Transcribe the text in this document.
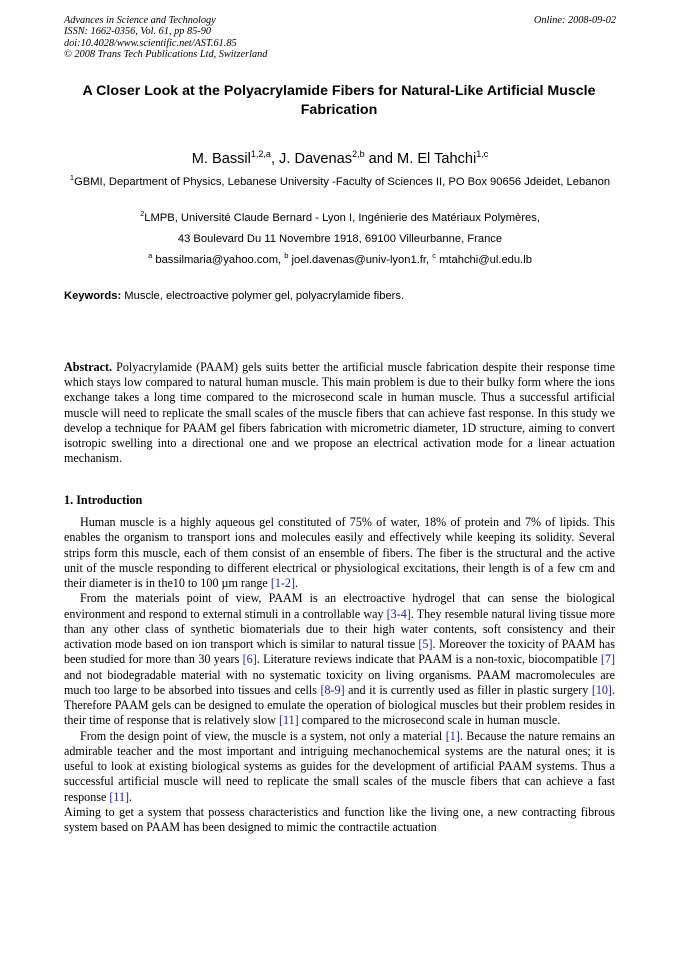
Advances in Science and Technology
ISSN: 1662-0356, Vol. 61, pp 85-90
doi:10.4028/www.scientific.net/AST.61.85
© 2008 Trans Tech Publications Ltd, Switzerland
Online: 2008-09-02
A Closer Look at the Polyacrylamide Fibers for Natural-Like Artificial Muscle Fabrication
M. Bassil$^{1,2,a}$, J. Davenas$^{2,b}$ and M. El Tahchi$^{1,c}$
$^1$GBMI, Department of Physics, Lebanese University -Faculty of Sciences II, PO Box 90656 Jdeidet, Lebanon
$^2$LMPB, Université Claude Bernard - Lyon I, Ingénierie des Matériaux Polymères,
43 Boulevard Du 11 Novembre 1918, 69100 Villeurbanne, France
$^a$ bassilmaria@yahoo.com, $^b$ joel.davenas@univ-lyon1.fr, $^c$ mtahchi@ul.edu.lb
Keywords: Muscle, electroactive polymer gel, polyacrylamide fibers.
Abstract. Polyacrylamide (PAAM) gels suits better the artificial muscle fabrication despite their response time which stays low compared to natural human muscle. This main problem is due to their bulky form where the ions exchange takes a long time compared to the microsecond scale in human muscle. Thus a successful artificial muscle will need to replicate the small scales of the muscle fibers that can achieve fast response. In this study we develop a technique for PAAM gel fibers fabrication with micrometric diameter, 1D structure, aiming to convert isotropic swelling into a directional one and we propose an electrical activation mode for a linear actuation mechanism.
1. Introduction

Human muscle is a highly aqueous gel constituted of 75% of water, 18% of protein and 7% of lipids. This enables the organism to transport ions and molecules easily and effectively while keeping its solidity. Several strips form this muscle, each of them consist of an ensemble of fibers. The fiber is the structural and the active unit of the muscle responding to different electrical or physiological excitations, their length is of a few cm and their diameter is in the10 to 100 µm range [1-2].

From the materials point of view, PAAM is an electroactive hydrogel that can sense the biological environment and respond to external stimuli in a controllable way [3-4]. They resemble natural living tissue more than any other class of synthetic biomaterials due to their high water contents, soft consistency and their activation mode based on ion transport which is similar to natural tissue [5]. Moreover the toxicity of PAAM has been studied for more than 30 years [6]. Literature reviews indicate that PAAM is a non-toxic, biocompatible [7] and not biodegradable material with no systematic toxicity on living organisms. PAAM macromolecules are much too large to be absorbed into tissues and cells [8-9] and it is currently used as filler in plastic surgery [10]. Therefore PAAM gels can be designed to emulate the operation of biological muscles but their problem resides in their time of response that is relatively slow [11] compared to the microsecond scale in human muscle.

From the design point of view, the muscle is a system, not only a material [1]. Because the nature remains an admirable teacher and the most important and intriguing mechanochemical systems are the natural ones; it is useful to look at existing biological systems as guides for the development of artificial PAAM systems. Thus a successful artificial muscle will need to replicate the small scales of the muscle fibers that can achieve a fast response [11].

Aiming to get a system that possess characteristics and function like the living one, a new contracting fibrous system based on PAAM has been designed to mimic the contractile actuation
